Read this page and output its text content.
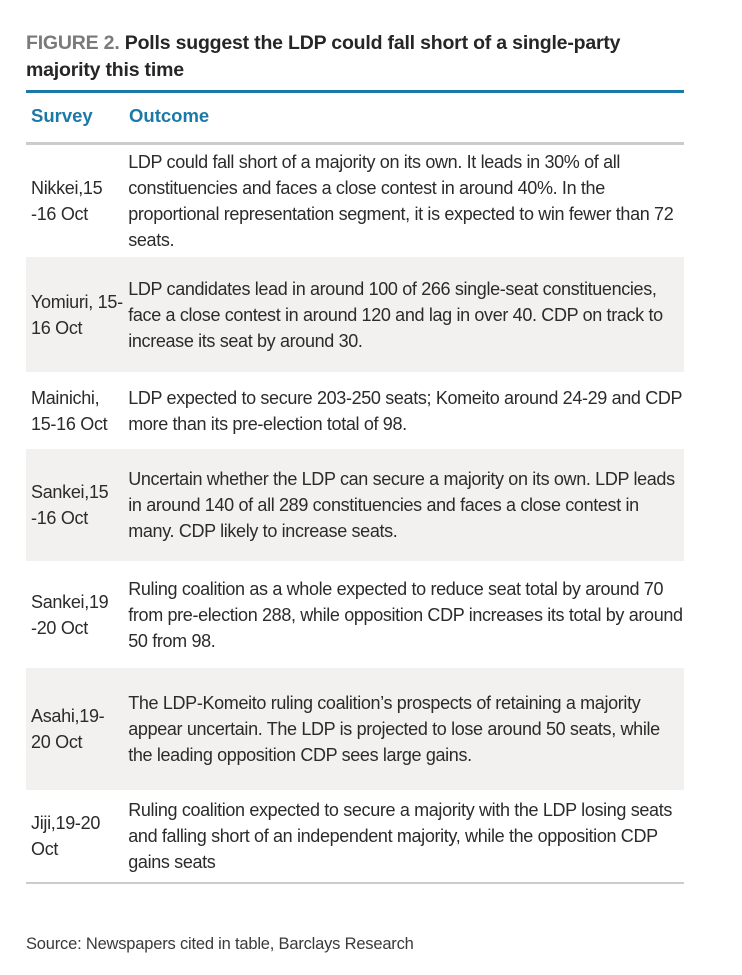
FIGURE 2. Polls suggest the LDP could fall short of a single-party majority this time
Survey Outcome
Nikkei,15 -16 Oct
LDP could fall short of a majority on its own. It leads in 30% of all constituencies and faces a close contest in around 40%. In the proportional representation segment, it is expected to win fewer than 72 seats.
Yomiuri, 15-16 Oct
LDP candidates lead in around 100 of 266 single-seat constituencies, face a close contest in around 120 and lag in over 40. CDP on track to increase its seat by around 30.
Mainichi, 15-16 Oct
LDP expected to secure 203-250 seats; Komeito around 24-29 and CDP more than its pre-election total of 98.
Sankei,15 -16 Oct
Uncertain whether the LDP can secure a majority on its own. LDP leads in around 140 of all 289 constituencies and faces a close contest in many. CDP likely to increase seats.
Sankei,19 -20 Oct
Ruling coalition as a whole expected to reduce seat total by around 70 from pre-election 288, while opposition CDP increases its total by around 50 from 98.
Asahi,19- 20 Oct
The LDP-Komeito ruling coalition’s prospects of retaining a majority appear uncertain. The LDP is projected to lose around 50 seats, while the leading opposition CDP sees large gains.
Jiji,19-20 Oct
Ruling coalition expected to secure a majority with the LDP losing seats and falling short of an independent majority, while the opposition CDP gains seats
Source: Newspapers cited in table, Barclays Research
